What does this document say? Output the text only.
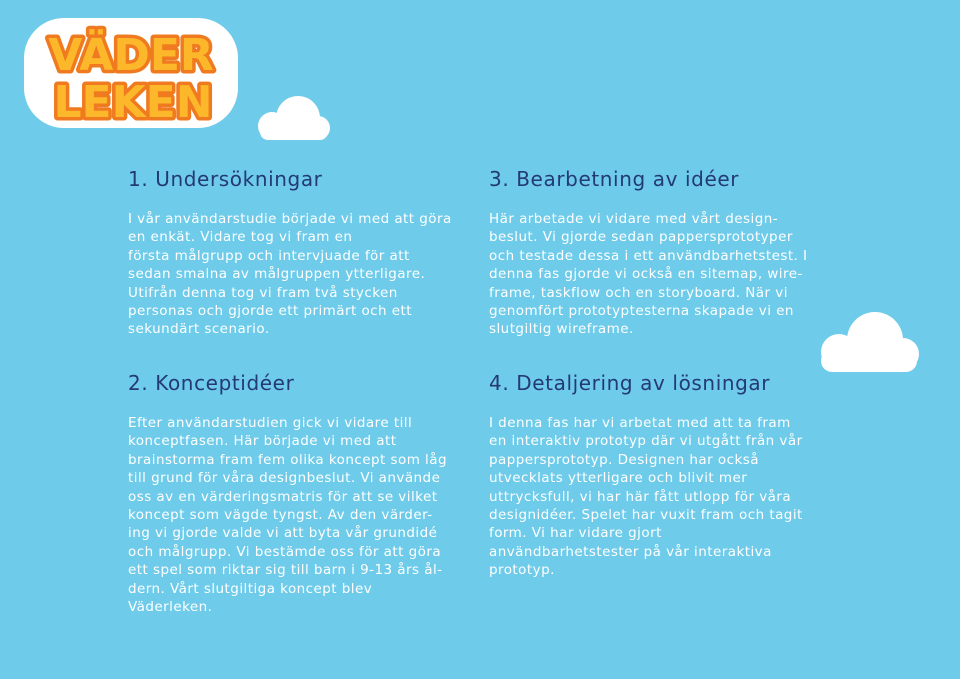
VÄDER
LEKEN
1. Undersökningar
I vår användarstudie började vi med att göra
en enkät. Vidare tog vi fram en
första målgrupp och intervjuade för att
sedan smalna av målgruppen ytterligare.
Utifrån denna tog vi fram två stycken
personas och gjorde ett primärt och ett
sekundärt scenario.
2. Konceptidéer
Efter användarstudien gick vi vidare till
konceptfasen. Här började vi med att
brainstorma fram fem olika koncept som låg
till grund för våra designbeslut. Vi använde
oss av en värderingsmatris för att se vilket
koncept som vägde tyngst. Av den värder-
ing vi gjorde valde vi att byta vår grundidé
och målgrupp. Vi bestämde oss för att göra
ett spel som riktar sig till barn i 9-13 års ål-
dern. Vårt slutgiltiga koncept blev
Väderleken.
3. Bearbetning av idéer
Här arbetade vi vidare med vårt design-
beslut. Vi gjorde sedan pappersprototyper
och testade dessa i ett användbarhetstest. I
denna fas gjorde vi också en sitemap, wire-
frame, taskflow och en storyboard. När vi
genomfört prototyptesterna skapade vi en
slutgiltig wireframe.
4. Detaljering av lösningar
I denna fas har vi arbetat med att ta fram
en interaktiv prototyp där vi utgått från vår
pappersprototyp. Designen har också
utvecklats ytterligare och blivit mer
uttrycksfull, vi har här fått utlopp för våra
designidéer. Spelet har vuxit fram och tagit
form. Vi har vidare gjort
användbarhetstester på vår interaktiva
prototyp.
